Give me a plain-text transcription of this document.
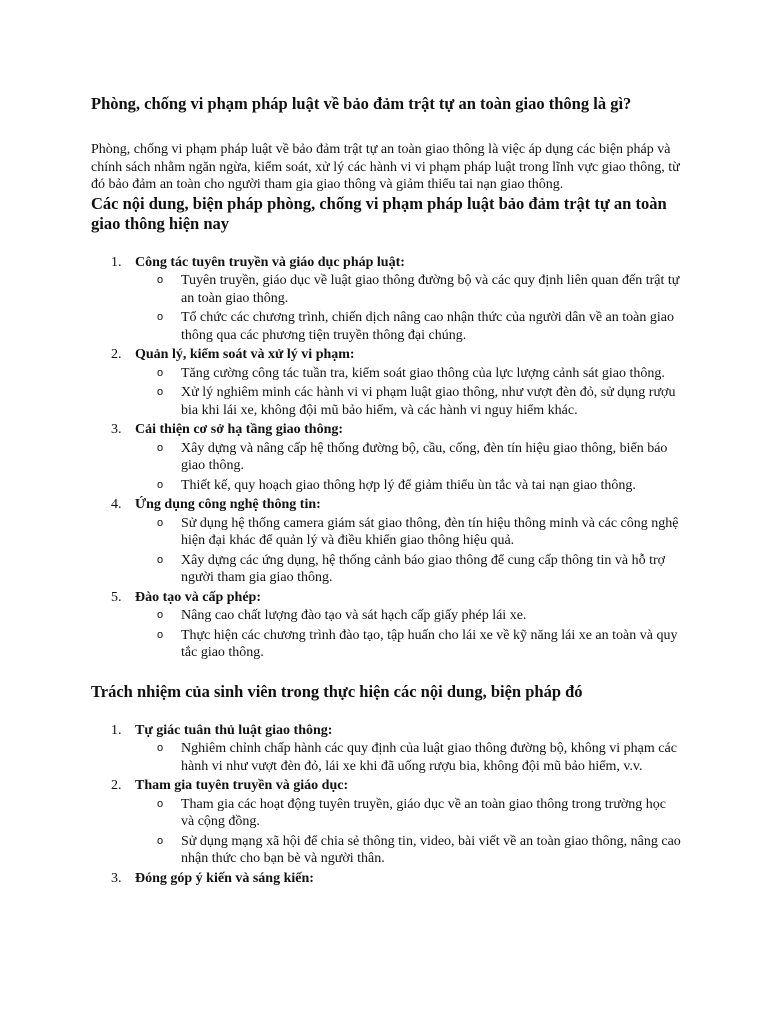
Phòng, chống vi phạm pháp luật về bảo đảm trật tự an toàn giao thông là gì?

Phòng, chống vi phạm pháp luật về bảo đảm trật tự an toàn giao thông là việc áp dụng các biện pháp và chính sách nhằm ngăn ngừa, kiểm soát, xử lý các hành vi vi phạm pháp luật trong lĩnh vực giao thông, từ đó bảo đảm an toàn cho người tham gia giao thông và giảm thiểu tai nạn giao thông.

Các nội dung, biện pháp phòng, chống vi phạm pháp luật bảo đảm trật tự an toàn giao thông hiện nay
1. Công tác tuyên truyền và giáo dục pháp luật:
o Tuyên truyền, giáo dục về luật giao thông đường bộ và các quy định liên quan đến trật tự an toàn giao thông.
o Tổ chức các chương trình, chiến dịch nâng cao nhận thức của người dân về an toàn giao thông qua các phương tiện truyền thông đại chúng.
2. Quản lý, kiểm soát và xử lý vi phạm:
o Tăng cường công tác tuần tra, kiểm soát giao thông của lực lượng cảnh sát giao thông.
o Xử lý nghiêm minh các hành vi vi phạm luật giao thông, như vượt đèn đỏ, sử dụng rượu bia khi lái xe, không đội mũ bảo hiểm, và các hành vi nguy hiểm khác.
3. Cải thiện cơ sở hạ tầng giao thông:
o Xây dựng và nâng cấp hệ thống đường bộ, cầu, cống, đèn tín hiệu giao thông, biển báo giao thông.
o Thiết kế, quy hoạch giao thông hợp lý để giảm thiểu ùn tắc và tai nạn giao thông.
4. Ứng dụng công nghệ thông tin:
o Sử dụng hệ thống camera giám sát giao thông, đèn tín hiệu thông minh và các công nghệ hiện đại khác để quản lý và điều khiển giao thông hiệu quả.
o Xây dựng các ứng dụng, hệ thống cảnh báo giao thông để cung cấp thông tin và hỗ trợ người tham gia giao thông.
5. Đào tạo và cấp phép:
o Nâng cao chất lượng đào tạo và sát hạch cấp giấy phép lái xe.
o Thực hiện các chương trình đào tạo, tập huấn cho lái xe về kỹ năng lái xe an toàn và quy tắc giao thông.
Trách nhiệm của sinh viên trong thực hiện các nội dung, biện pháp đó
1. Tự giác tuân thủ luật giao thông:
o Nghiêm chỉnh chấp hành các quy định của luật giao thông đường bộ, không vi phạm các hành vi như vượt đèn đỏ, lái xe khi đã uống rượu bia, không đội mũ bảo hiểm, v.v.
2. Tham gia tuyên truyền và giáo dục:
o Tham gia các hoạt động tuyên truyền, giáo dục về an toàn giao thông trong trường học và cộng đồng.
o Sử dụng mạng xã hội để chia sẻ thông tin, video, bài viết về an toàn giao thông, nâng cao nhận thức cho bạn bè và người thân.
3. Đóng góp ý kiến và sáng kiến:
